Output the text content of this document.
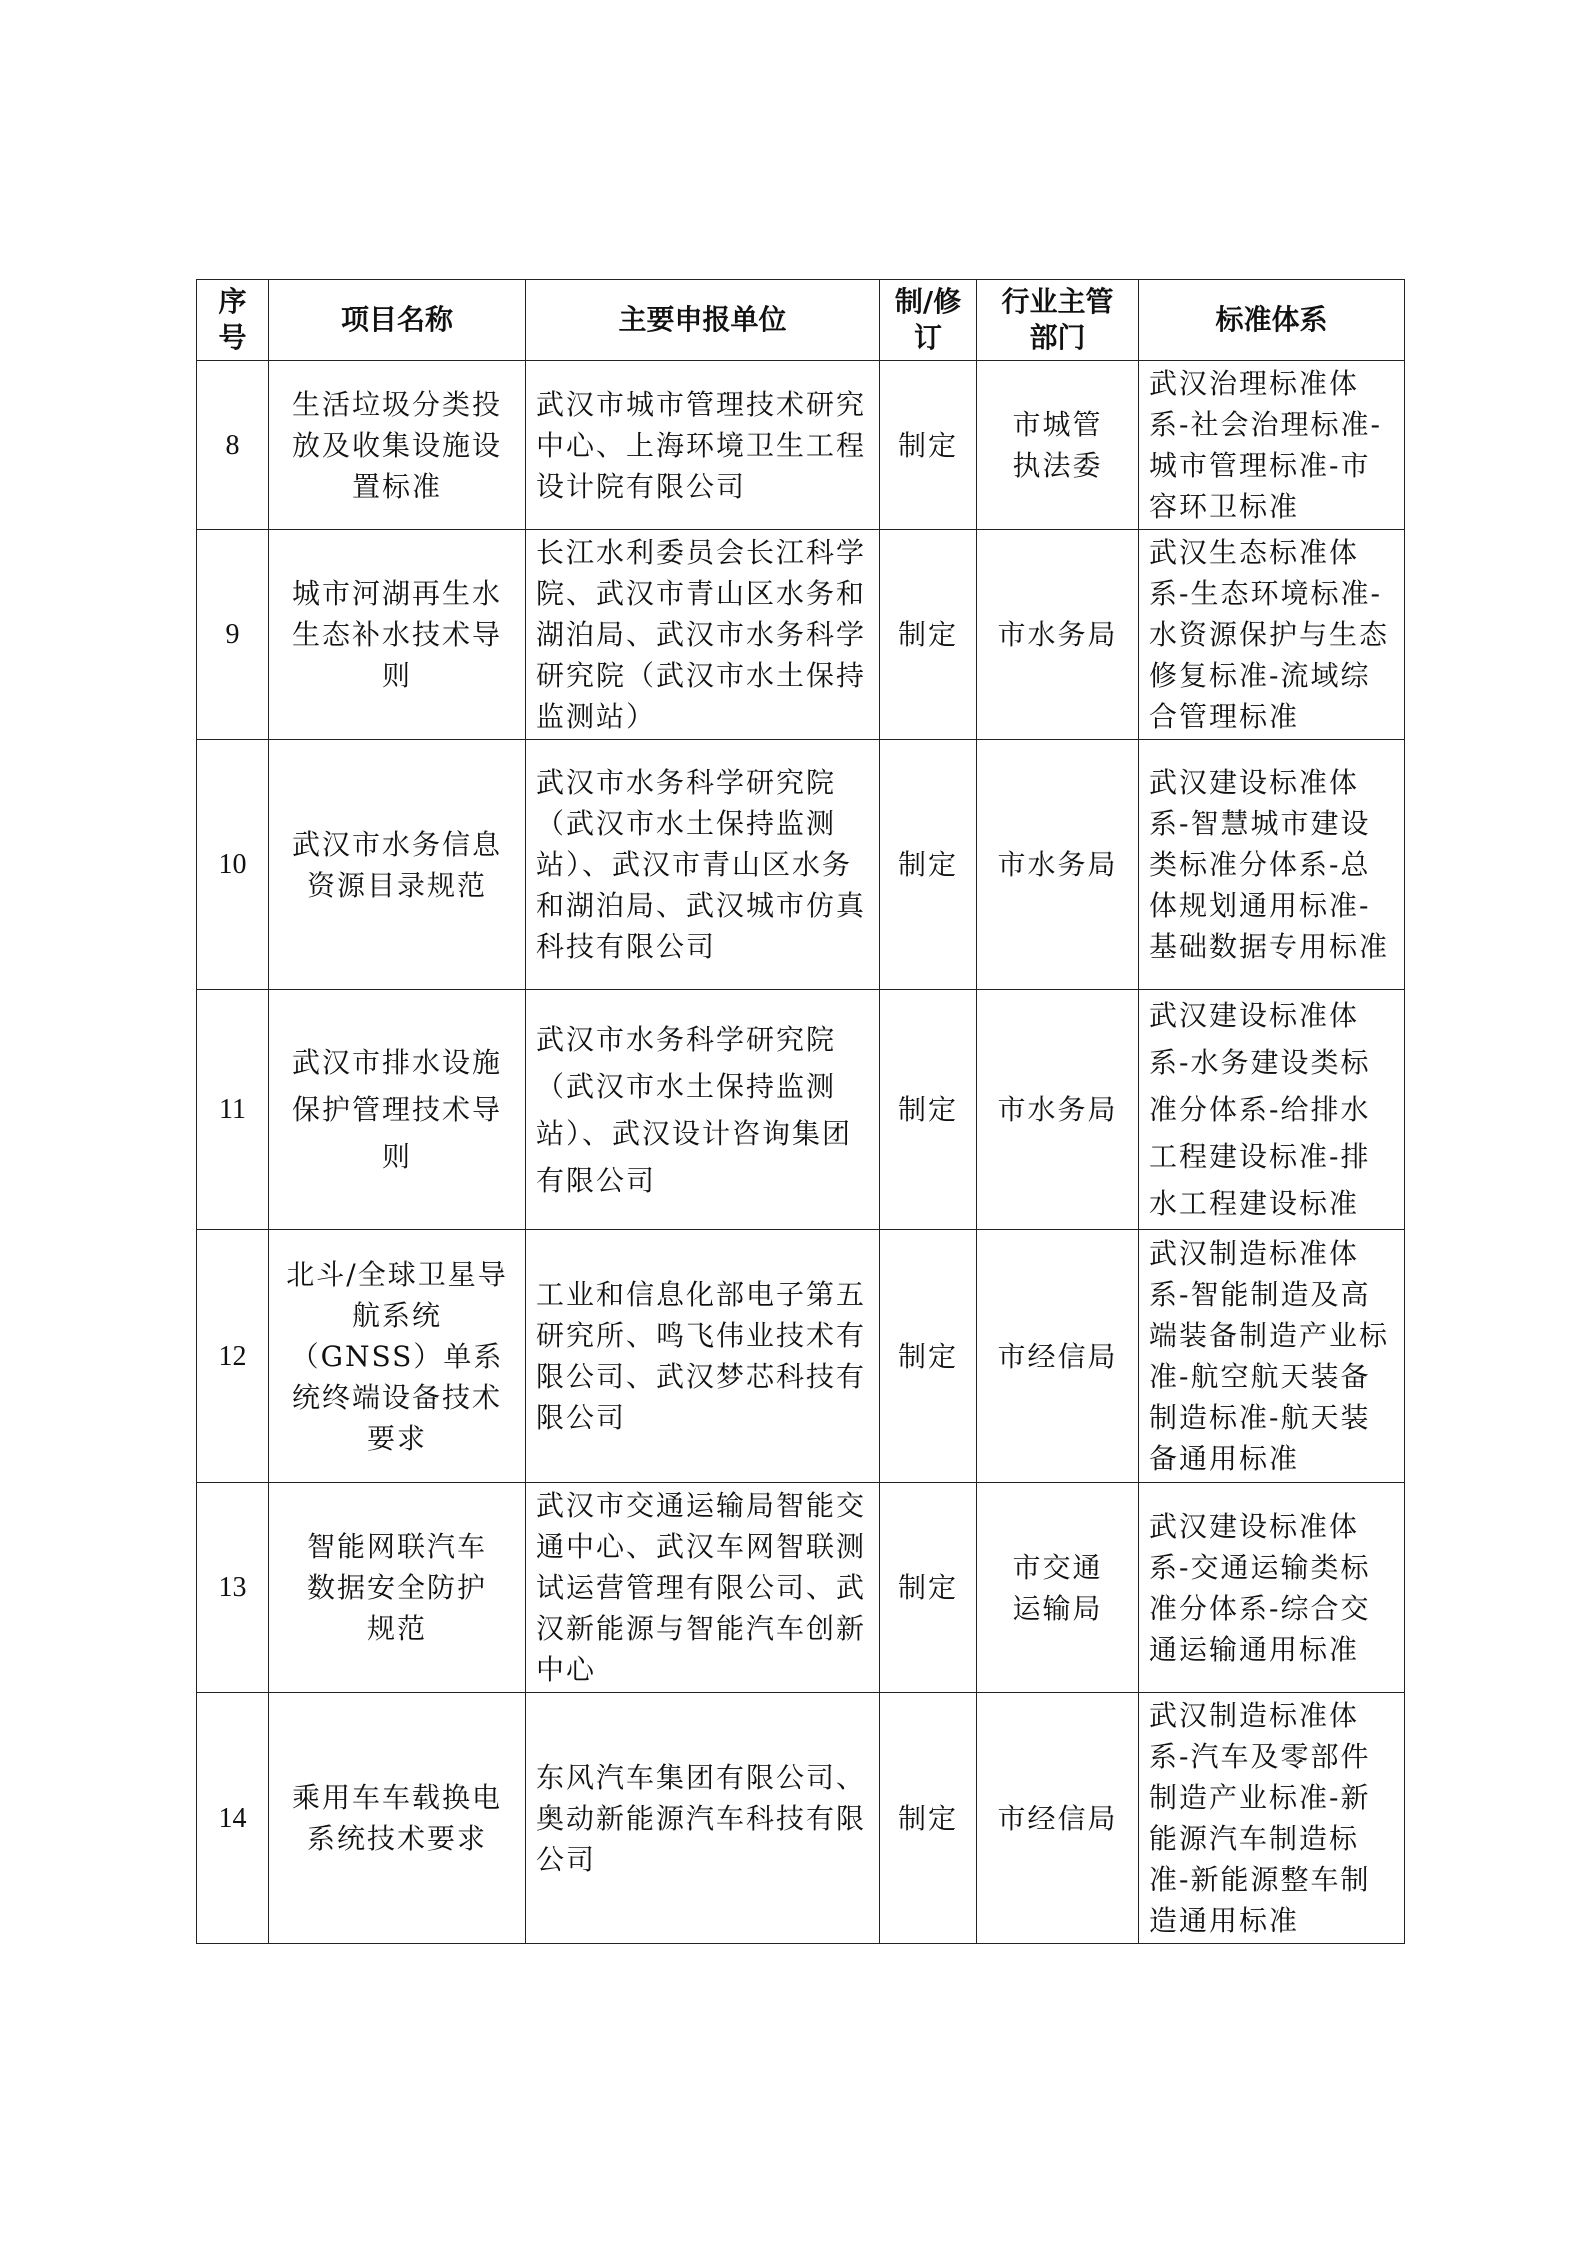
序号	项目名称	主要申报单位	制/修订	行业主管部门	标准体系
8	生活垃圾分类投放及收集设施设置标准	武汉市城市管理技术研究中心、上海环境卫生工程设计院有限公司	制定	市城管执法委	武汉治理标准体系-社会治理标准-城市管理标准-市容环卫标准
9	城市河湖再生水生态补水技术导则	长江水利委员会长江科学院、武汉市青山区水务和湖泊局、武汉市水务科学研究院（武汉市水土保持监测站）	制定	市水务局	武汉生态标准体系-生态环境标准-水资源保护与生态修复标准-流域综合管理标准
10	武汉市水务信息资源目录规范	武汉市水务科学研究院（武汉市水土保持监测站）、武汉市青山区水务和湖泊局、武汉城市仿真科技有限公司	制定	市水务局	武汉建设标准体系-智慧城市建设类标准分体系-总体规划通用标准-基础数据专用标准
11	武汉市排水设施保护管理技术导则	武汉市水务科学研究院（武汉市水土保持监测站）、武汉设计咨询集团有限公司	制定	市水务局	武汉建设标准体系-水务建设类标准分体系-给排水工程建设标准-排水工程建设标准
12	北斗/全球卫星导航系统（GNSS）单系统终端设备技术要求	工业和信息化部电子第五研究所、鸣飞伟业技术有限公司、武汉梦芯科技有限公司	制定	市经信局	武汉制造标准体系-智能制造及高端装备制造产业标准-航空航天装备制造标准-航天装备通用标准
13	智能网联汽车数据安全防护规范	武汉市交通运输局智能交通中心、武汉车网智联测试运营管理有限公司、武汉新能源与智能汽车创新中心	制定	市交通运输局	武汉建设标准体系-交通运输类标准分体系-综合交通运输通用标准
14	乘用车车载换电系统技术要求	东风汽车集团有限公司、奥动新能源汽车科技有限公司	制定	市经信局	武汉制造标准体系-汽车及零部件制造产业标准-新能源汽车制造标准-新能源整车制造通用标准
